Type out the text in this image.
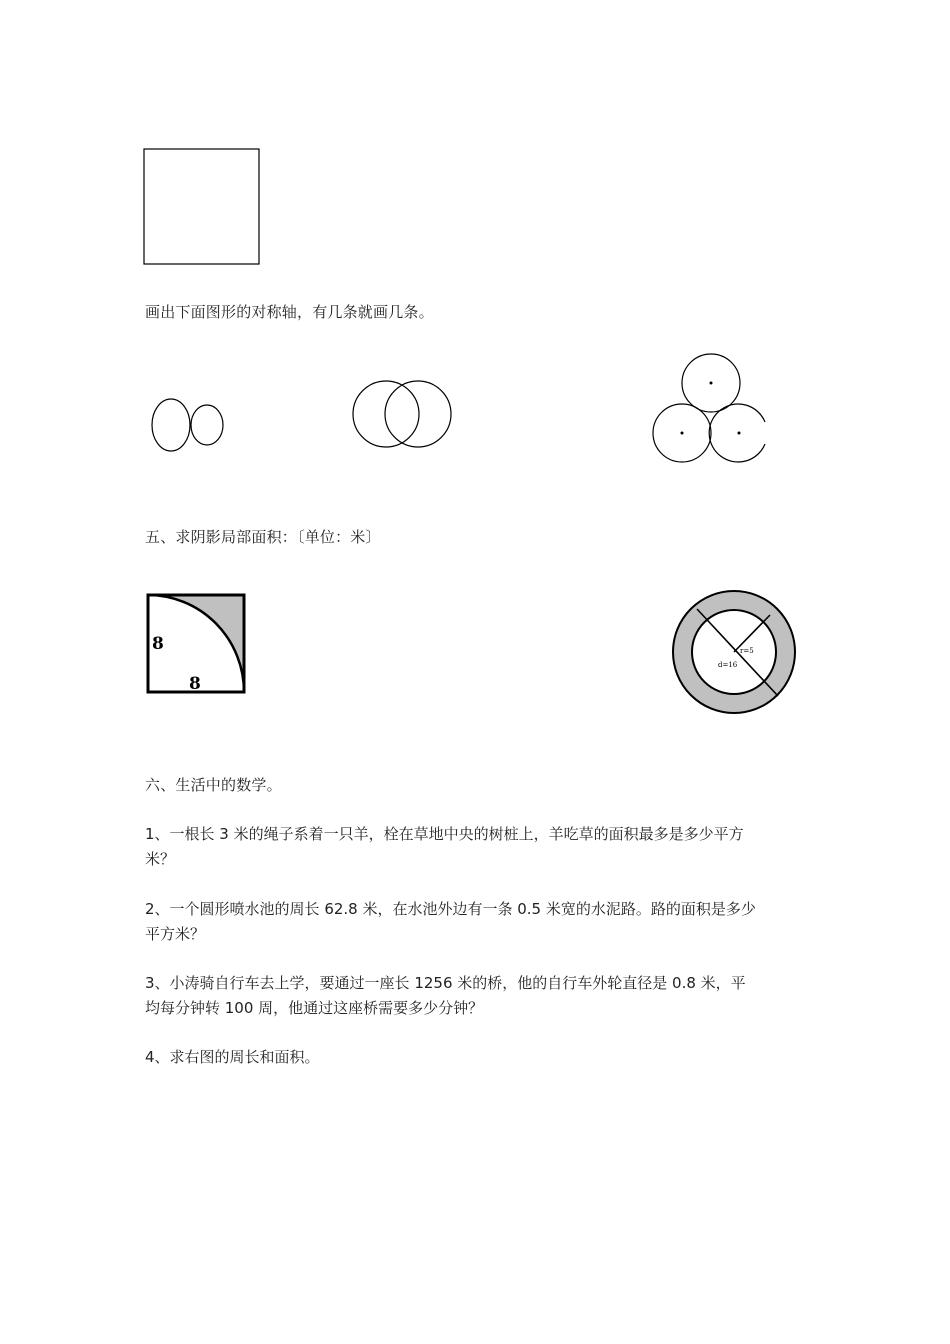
画出下面图形的对称轴，有几条就画几条。
五、求阴影局部面积：〔单位：米〕
8
8
r=5
d=16
六、生活中的数学。
1、一根长 3 米的绳子系着一只羊，栓在草地中央的树桩上，羊吃草的面积最多是多少平方
米？
2、一个圆形喷水池的周长 62.8 米，在水池外边有一条 0.5 米宽的水泥路。路的面积是多少
平方米？
3、小涛骑自行车去上学，要通过一座长 1256 米的桥，他的自行车外轮直径是 0.8 米，平
均每分钟转 100 周，他通过这座桥需要多少分钟？
4、求右图的周长和面积。
